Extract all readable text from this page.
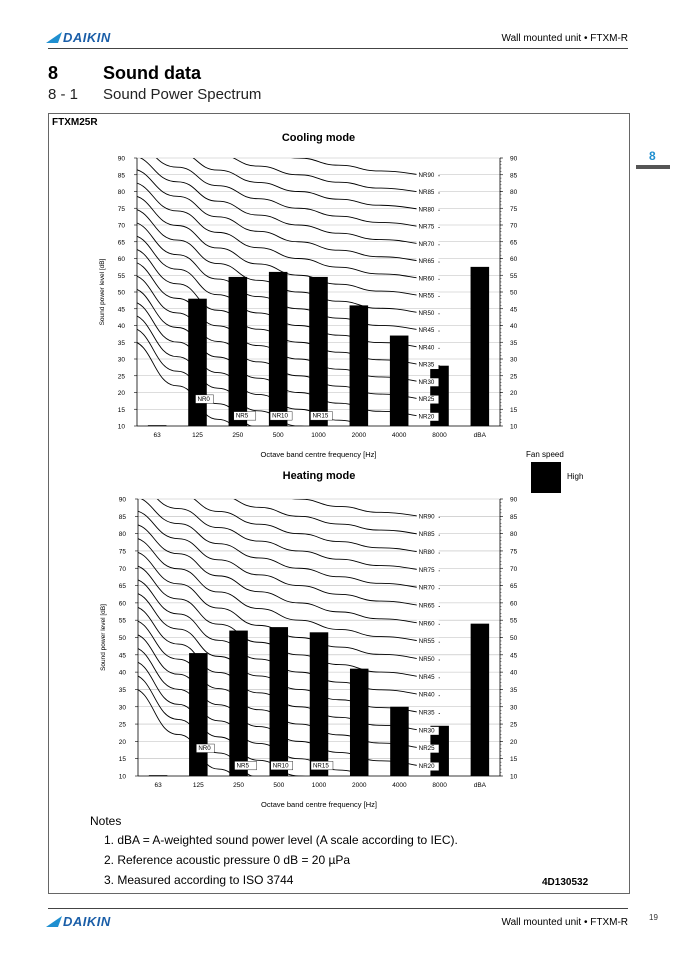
DAIKIN	Wall mounted unit • FTXM-R
8 Sound data
8 - 1 Sound Power Spectrum
8
FTXM25R
Cooling mode
10	10
15	15
20	20
25	25
30	30
35	35
40	40
45	45
50	50
55	55
60	60
65	65
70	70
75	75
80	80
85	85
90	90
NR0
NR5	NR10	NR15	NR20
NR25
NR30
NR35
NR40
NR45
NR50
NR55
NR60
NR65
NR70
NR75
NR80
NR85
NR90
63	125	250	500	1000	2000	4000	8000	dBA
Octave band centre frequency [Hz]
Sound power level [dB]
Heating mode
10	10
15	15
20	20
25	25
30	30
35	35
40	40
45	45
50	50
55	55
60	60
65	65
70	70
75	75
80	80
85	85
90	90
NR0
NR5	NR10	NR15	NR20
NR25
NR30
NR35
NR40
NR45
NR50
NR55
NR60
NR65
NR70
NR75
NR80
NR85
NR90
63	125	250	500	1000	2000	4000	8000	dBA
Octave band centre frequency [Hz]
Sound power level [dB]
Fan speed
High
Notes
1. dBA = A-weighted sound power level (A scale according to IEC).
2. Reference acoustic pressure 0 dB = 20 µPa
3. Measured according to ISO 3744	4D130532
DAIKIN	Wall mounted unit • FTXM-R	19
